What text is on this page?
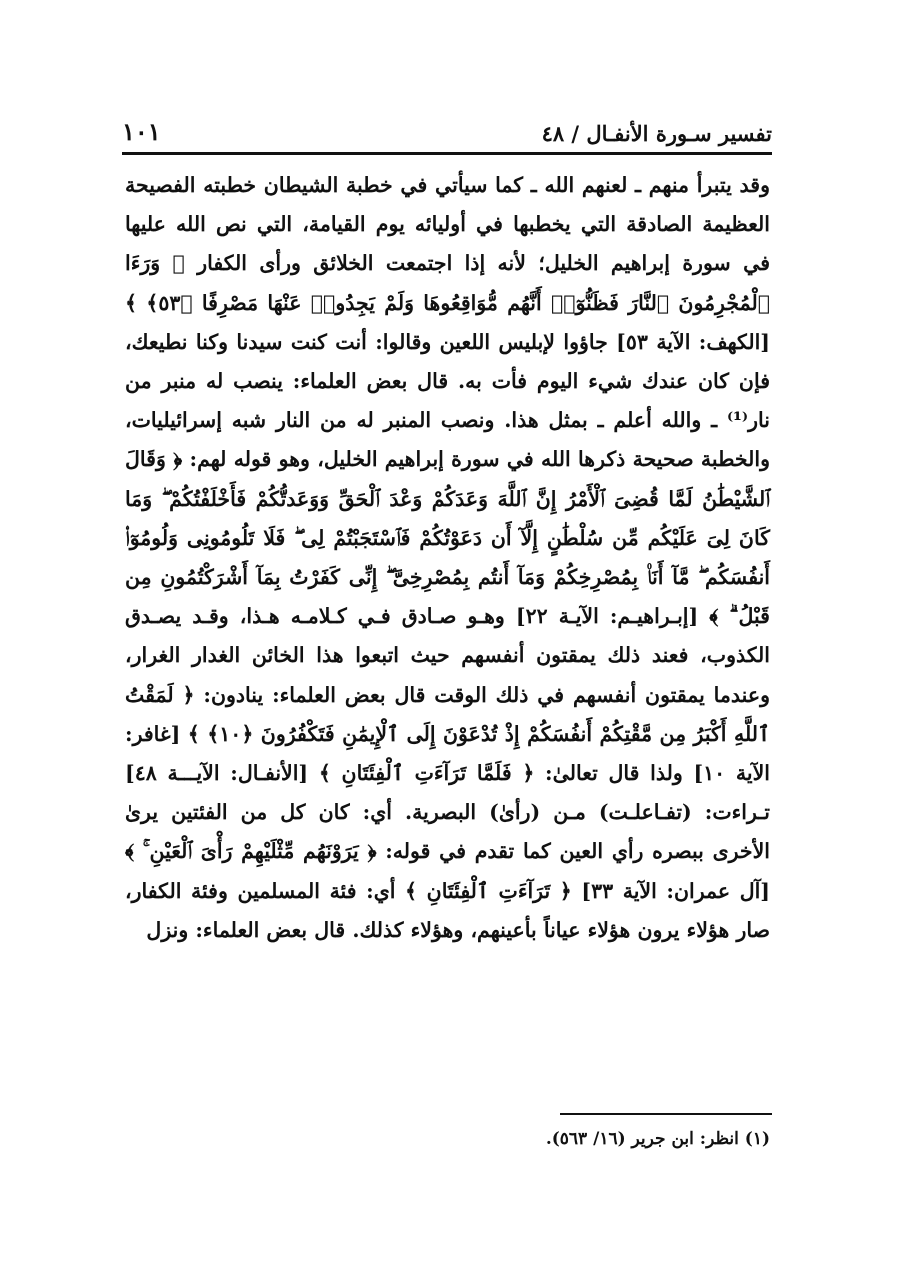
تفسير سـورة الأنفـال / ٤٨
١٠١

وقد يتبرأ منهم ـ لعنهم الله ـ كما سيأتي في خطبة الشيطان خطبته الفصيحة العظيمة الصادقة التي يخطبها في أوليائه يوم القيامة، التي نص الله عليها في سورة إبراهيم الخليل؛ لأنه إذا اجتمعت الخلائق ورأى الكفار ﴿ وَرَءَا ٱلْمُجْرِمُونَ ٱلنَّارَ فَظَنُّوٓا۟ أَنَّهُم مُّوَاقِعُوهَا وَلَمْ يَجِدُوا۟ عَنْهَا مَصْرِفًا ﴿٥٣﴾ ﴾ [الكهف: الآية ٥٣] جاؤوا لإبليس اللعين وقالوا: أنت كنت سيدنا وكنا نطيعك، فإن كان عندك شيء اليوم فأت به. قال بعض العلماء: ينصب له منبر من نار⁽¹⁾ ـ والله أعلم ـ بمثل هذا. ونصب المنبر له من النار شبه إسرائيليات، والخطبة صحيحة ذكرها الله في سورة إبراهيم الخليل، وهو قوله لهم: ﴿ وَقَالَ ٱلشَّيْطَٰنُ لَمَّا قُضِىَ ٱلْأَمْرُ إِنَّ ٱللَّهَ وَعَدَكُمْ وَعْدَ ٱلْحَقِّ وَوَعَدتُّكُمْ فَأَخْلَفْتُكُمْ ۖ وَمَا كَانَ لِىَ عَلَيْكُم مِّن سُلْطَٰنٍ إِلَّآ أَن دَعَوْتُكُمْ فَٱسْتَجَبْتُمْ لِى ۖ فَلَا تَلُومُونِى وَلُومُوٓا۟ أَنفُسَكُم ۖ مَّآ أَنَا۠ بِمُصْرِخِكُمْ وَمَآ أَنتُم بِمُصْرِخِىَّ ۖ إِنِّى كَفَرْتُ بِمَآ أَشْرَكْتُمُونِ مِن قَبْلُ ۗ ﴾ [إبـراهيـم: الآيـة ٢٢] وهـو صـادق فـي كـلامـه هـذا، وقـد يصـدق الكذوب، فعند ذلك يمقتون أنفسهم حيث اتبعوا هذا الخائن الغدار الغرار، وعندما يمقتون أنفسهم في ذلك الوقت قال بعض العلماء: ينادون: ﴿ لَمَقْتُ ٱللَّهِ أَكْبَرُ مِن مَّقْتِكُمْ أَنفُسَكُمْ إِذْ تُدْعَوْنَ إِلَى ٱلْإِيمَٰنِ فَتَكْفُرُونَ ﴿١٠﴾ ﴾ [غافر: الآية ١٠] ولذا قال تعالىٰ: ﴿ فَلَمَّا تَرَآءَتِ ٱلْفِئَتَانِ ﴾ [الأنفـال: الآيـــة ٤٨] تـراءت: (تفـاعلـت) مـن (رأىٰ) البصرية. أي: كان كل من الفئتين يرىٰ الأخرى ببصره رأي العين كما تقدم في قوله: ﴿ يَرَوْنَهُم مِّثْلَيْهِمْ رَأْىَ ٱلْعَيْنِ ۚ ﴾ [آل عمران: الآية ٣٣] ﴿ تَرَآءَتِ ٱلْفِئَتَانِ ﴾ أي: فئة المسلمين وفئة الكفار، صار هؤلاء يرون هؤلاء عياناً بأعينهم، وهؤلاء كذلك. قال بعض العلماء: ونزل

(١) انظر: ابن جرير (١٦/ ٥٦٣).
